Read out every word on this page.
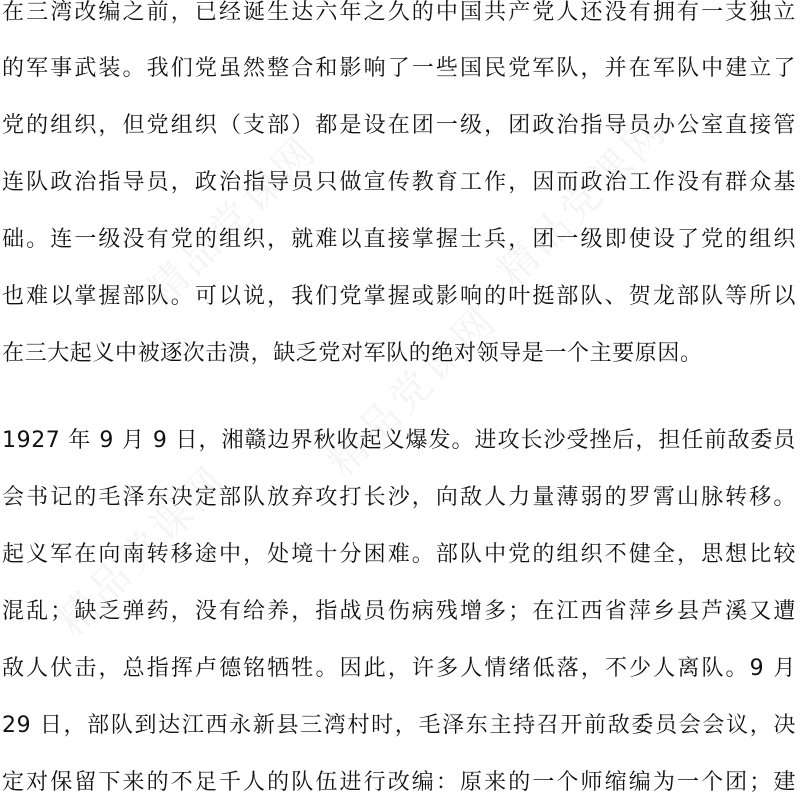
精品党课网	精品党课网
精品党课网
精品党课网
在三湾改编之前，已经诞生达六年之久的中国共产党人还没有拥有一支独立
的军事武装。我们党虽然整合和影响了一些国民党军队，并在军队中建立了
党的组织，但党组织（支部）都是设在团一级，团政治指导员办公室直接管
连队政治指导员，政治指导员只做宣传教育工作，因而政治工作没有群众基
础。连一级没有党的组织，就难以直接掌握士兵，团一级即使设了党的组织
也难以掌握部队。可以说，我们党掌握或影响的叶挺部队、贺龙部队等所以
在三大起义中被逐次击溃，缺乏党对军队的绝对领导是一个主要原因。
1927 年 9 月 9 日，湘赣边界秋收起义爆发。进攻长沙受挫后，担任前敌委员
会书记的毛泽东决定部队放弃攻打长沙，向敌人力量薄弱的罗霄山脉转移。
起义军在向南转移途中，处境十分困难。部队中党的组织不健全，思想比较
混乱；缺乏弹药，没有给养，指战员伤病残增多；在江西省萍乡县芦溪又遭
敌人伏击，总指挥卢德铭牺牲。因此，许多人情绪低落，不少人离队。9 月
29 日，部队到达江西永新县三湾村时，毛泽东主持召开前敌委员会会议，决
定对保留下来的不足千人的队伍进行改编：原来的一个师缩编为一个团；建
